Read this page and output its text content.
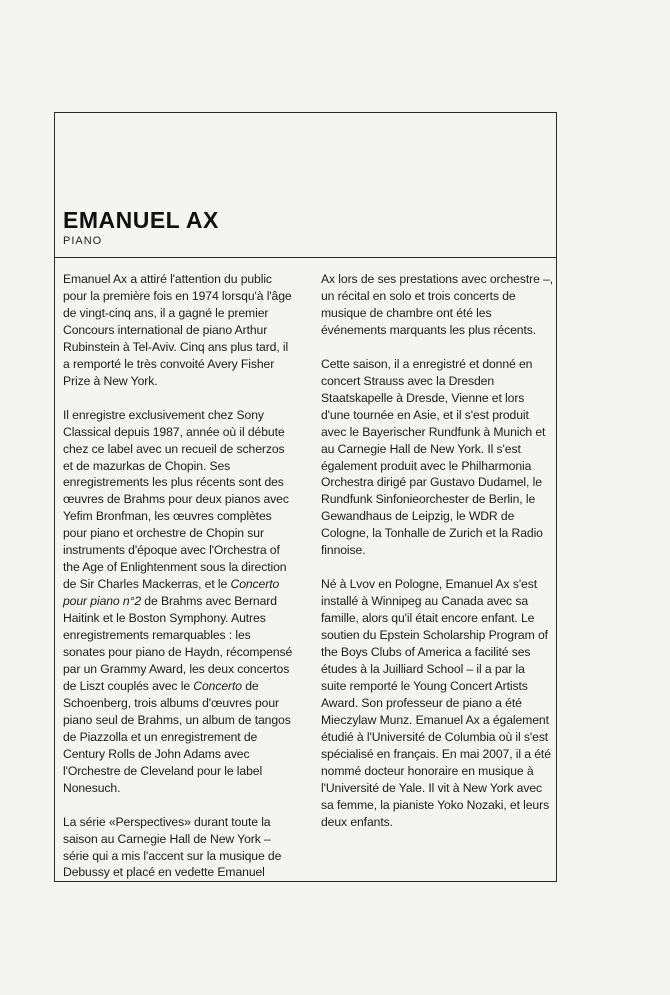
EMANUEL AX
PIANO

Emanuel Ax a attiré l'attention du public pour la première fois en 1974 lorsqu'à l'âge de vingt-cinq ans, il a gagné le premier Concours international de piano Arthur Rubinstein à Tel-Aviv. Cinq ans plus tard, il a remporté le très convoité Avery Fisher Prize à New York.

Il enregistre exclusivement chez Sony Classical depuis 1987, année où il débute chez ce label avec un recueil de scherzos et de mazurkas de Chopin. Ses enregistrements les plus récents sont des œuvres de Brahms pour deux pianos avec Yefim Bronfman, les œuvres complètes pour piano et orchestre de Chopin sur instruments d'époque avec l'Orchestra of the Age of Enlightenment sous la direction de Sir Charles Mackerras, et le Concerto pour piano n°2 de Brahms avec Bernard Haitink et le Boston Symphony. Autres enregistrements remarquables : les sonates pour piano de Haydn, récompensé par un Grammy Award, les deux concertos de Liszt couplés avec le Concerto de Schoenberg, trois albums d'œuvres pour piano seul de Brahms, un album de tangos de Piazzolla et un enregistrement de Century Rolls de John Adams avec l'Orchestre de Cleveland pour le label Nonesuch.

La série «Perspectives» durant toute la saison au Carnegie Hall de New York – série qui a mis l'accent sur la musique de Debussy et placé en vedette Emanuel

Ax lors de ses prestations avec orchestre –, un récital en solo et trois concerts de musique de chambre ont été les événements marquants les plus récents.

Cette saison, il a enregistré et donné en concert Strauss avec la Dresden Staatskapelle à Dresde, Vienne et lors d'une tournée en Asie, et il s'est produit avec le Bayerischer Rundfunk à Munich et au Carnegie Hall de New York. Il s'est également produit avec le Philharmonia Orchestra dirigé par Gustavo Dudamel, le Rundfunk Sinfonieorchester de Berlin, le Gewandhaus de Leipzig, le WDR de Cologne, la Tonhalle de Zurich et la Radio finnoise.

Né à Lvov en Pologne, Emanuel Ax s'est installé à Winnipeg au Canada avec sa famille, alors qu'il était encore enfant. Le soutien du Epstein Scholarship Program of the Boys Clubs of America a facilité ses études à la Juilliard School – il a par la suite remporté le Young Concert Artists Award. Son professeur de piano a été Mieczylaw Munz. Emanuel Ax a également étudié à l'Université de Columbia où il s'est spécialisé en français. En mai 2007, il a été nommé docteur honoraire en musique à l'Université de Yale. Il vit à New York avec sa femme, la pianiste Yoko Nozaki, et leurs deux enfants.
